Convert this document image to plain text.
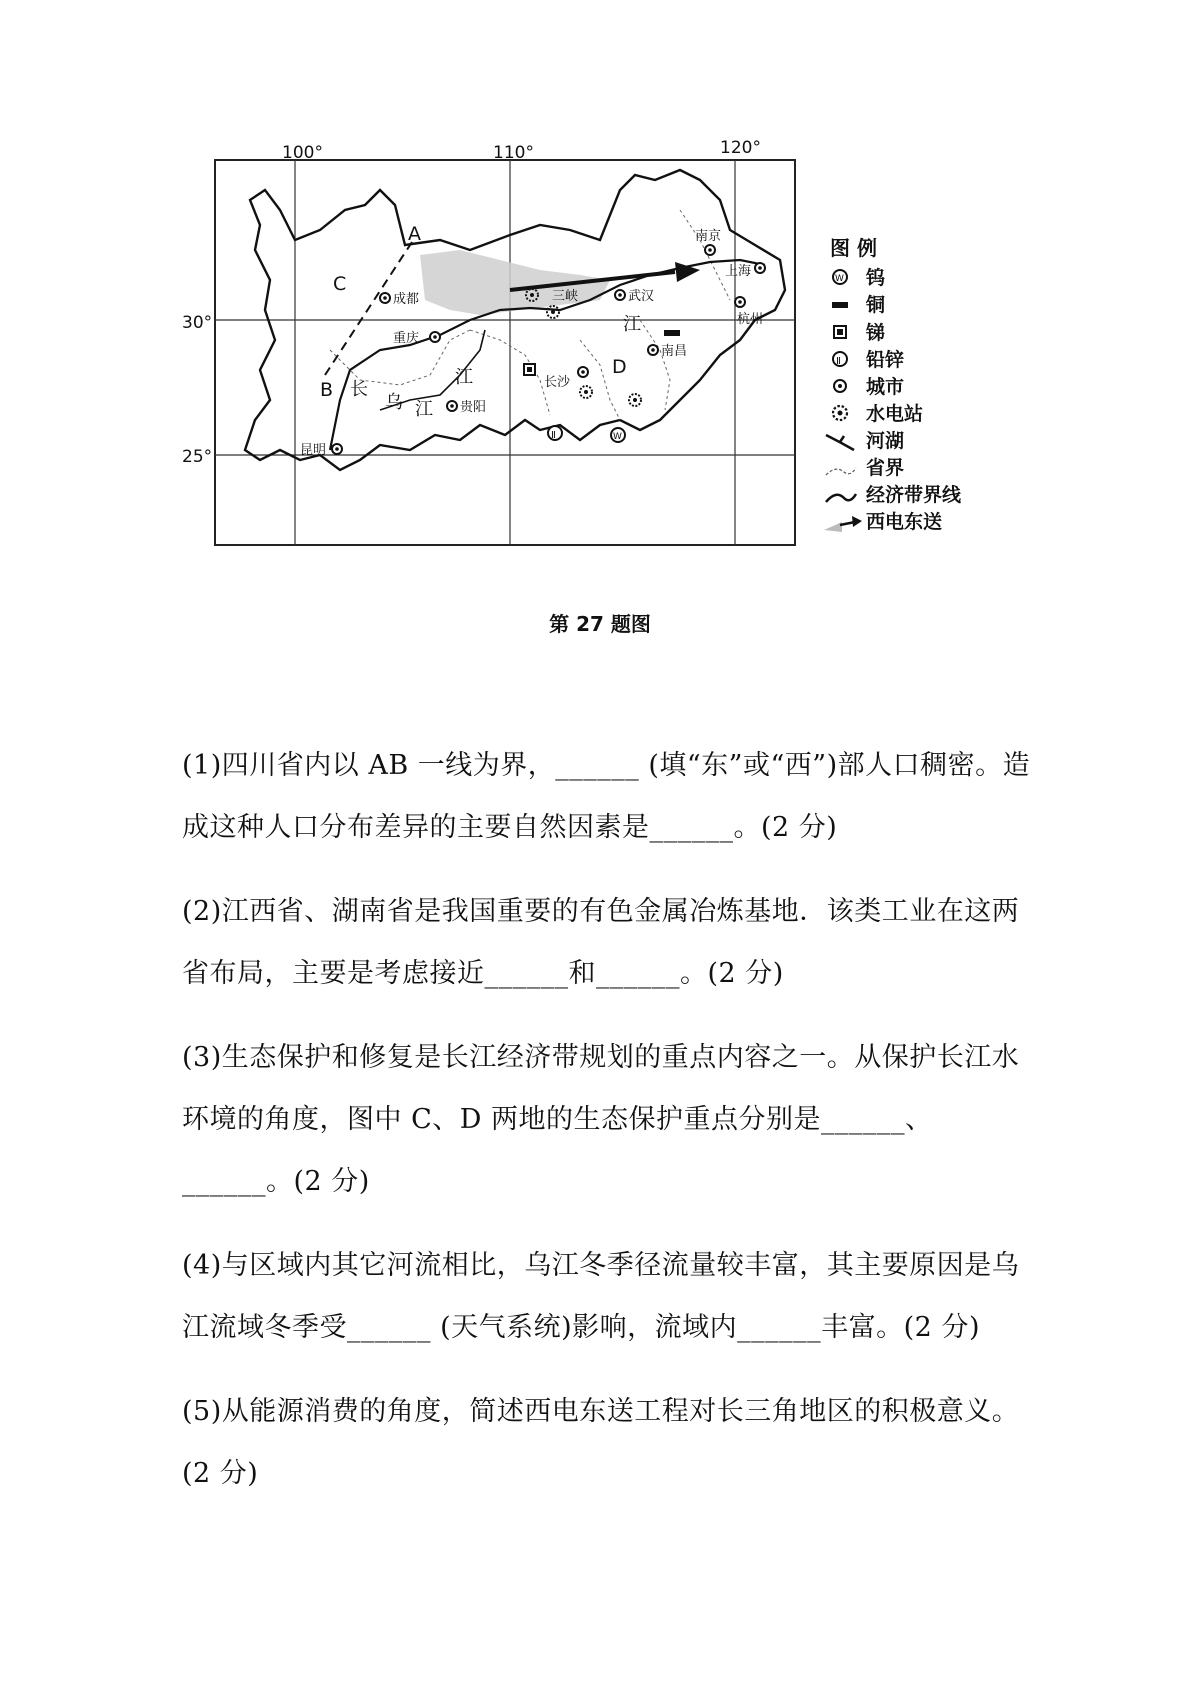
100°	110°	120°
30°
25°
A
B
C
D
长
江
乌 江
江
三峡
成都
重庆
贵阳
昆明
长沙
武汉
南昌
南京
上海
杭州
Ⅱ	W
图 例
W 钨
铜
锑
Ⅱ 铅锌
城市
水电站
河湖
省界
经济带界线
西电东送
第 27 题图

(1)四川省内以 AB 一线为界，______ (填“东”或“西”)部人口稠密。造成这种人口分布差异的主要自然因素是______。(2 分)

(2)江西省、湖南省是我国重要的有色金属冶炼基地．该类工业在这两省布局，主要是考虑接近______和______。(2 分)

(3)生态保护和修复是长江经济带规划的重点内容之一。从保护长江水环境的角度，图中 C、D 两地的生态保护重点分别是______、______。(2 分)

(4)与区域内其它河流相比，乌江冬季径流量较丰富，其主要原因是乌江流域冬季受______ (天气系统)影响，流域内______丰富。(2 分)

(5)从能源消费的角度，简述西电东送工程对长三角地区的积极意义。(2 分)
